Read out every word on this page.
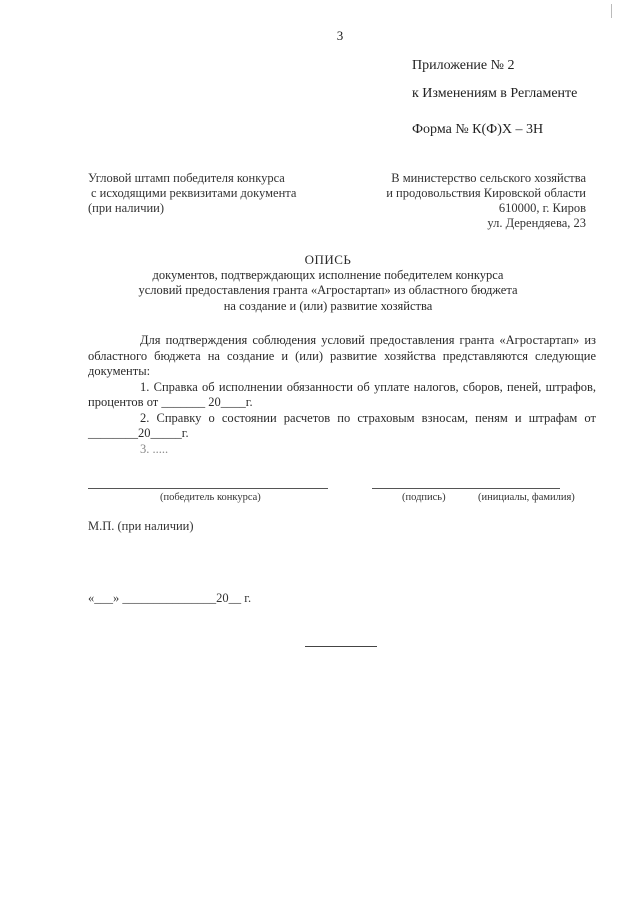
3
Приложение № 2
к Изменениям в Регламенте
Форма № К(Ф)Х – 3Н
Угловой штамп победителя конкурса
с исходящими реквизитами документа
(при наличии)
В министерство сельского хозяйства
и продовольствия Кировской области
610000, г. Киров
ул. Дерендяева, 23
ОПИСЬ
документов, подтверждающих исполнение победителем конкурса
условий предоставления гранта «Агростартап» из областного бюджета
на создание и (или) развитие хозяйства

Для подтверждения соблюдения условий предоставления гранта «Агростартап» из областного бюджета на создание и (или) развитие хозяйства представляются следующие документы:

1. Справка об исполнении обязанности об уплате налогов, сборов, пеней, штрафов, процентов от _______ 20____г.

2. Справку о состоянии расчетов по страховым взносам, пеням и штрафам от ________20_____г.

3. .....

(победитель конкурса)	(подпись)	(инициалы, фамилия)
М.П. (при наличии)
«___» _______________20__ г.
